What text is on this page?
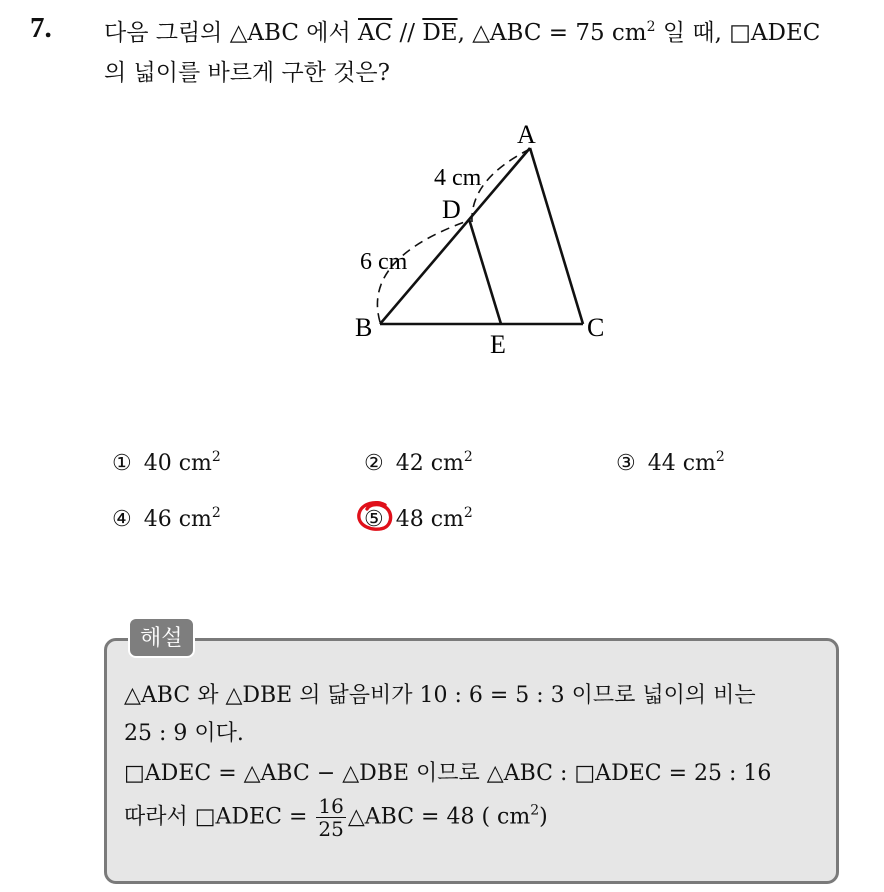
7. 다음 그림의 △ABC 에서 $\overline{AC} // \overline{DE}$, △ABC = 75 $cm^2$ 일 때, □ADEC
의 넓이를 바르게 구한 것은?
A
B	C
D
E
4 cm
6 cm
① 40 $cm^2$	② 42 $cm^2$	③ 44 $cm^2$
④ 46 $cm^2$	⑤ 48 $cm^2$
해설
△ABC 와 △DBE 의 닮음비가 10 : 6 = 5 : 3 이므로 넓이의 비는
25 : 9 이다.
□ADEC = △ABC − △DBE 이므로 △ABC : □ADEC = 25 : 16
따라서 □ADEC = $\frac{16}{25}$ △ABC = 48 ( $cm^2$)
